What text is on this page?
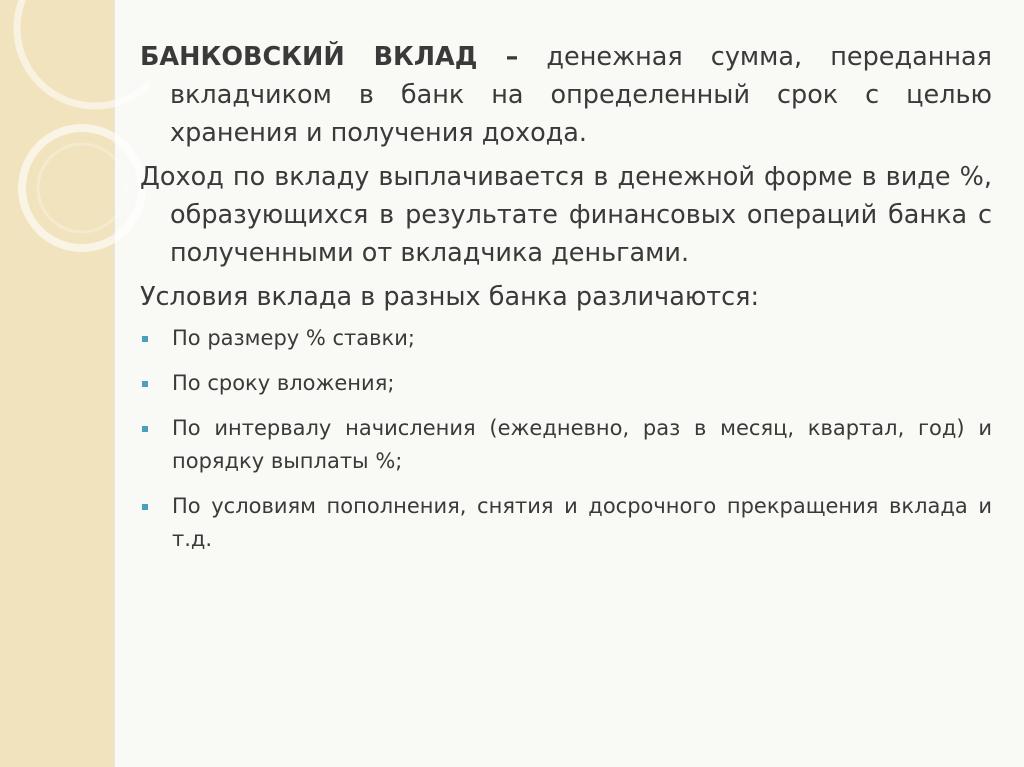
БАНКОВСКИЙ ВКЛАД – денежная сумма, переданная вкладчиком в банк на определенный срок с целью хранения и получения дохода.

Доход по вкладу выплачивается в денежной форме в виде %, образующихся в результате финансовых операций банка с полученными от вкладчика деньгами.

Условия вклада в разных банка различаются:

По размеру % ставки;
По сроку вложения;
По интервалу начисления (ежедневно, раз в месяц, квартал, год) и порядку выплаты %;
По условиям пополнения, снятия и досрочного прекращения вклада и т.д.
